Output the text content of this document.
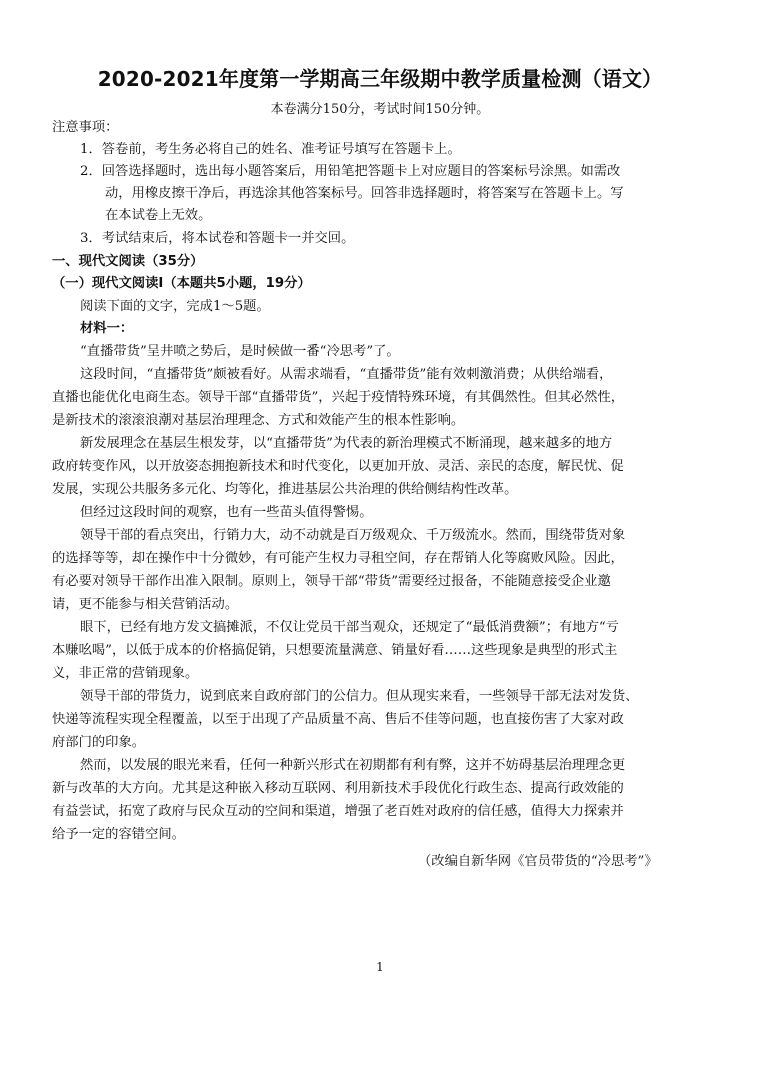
2020-2021年度第一学期高三年级期中教学质量检测（语文）
本卷满分150分，考试时间150分钟。
注意事项：
1．答卷前，考生务必将自己的姓名、准考证号填写在答题卡上。
2．回答选择题时，选出每小题答案后，用铅笔把答题卡上对应题目的答案标号涂黑。如需改
动，用橡皮擦干净后，再选涂其他答案标号。回答非选择题时，将答案写在答题卡上。写
在本试卷上无效。
3．考试结束后，将本试卷和答题卡一并交回。
一、现代文阅读（35分）
（一）现代文阅读Ⅰ（本题共5小题，19分）
阅读下面的文字，完成1～5题。
材料一：
“直播带货”呈井喷之势后，是时候做一番“冷思考”了。
这段时间，“直播带货”颇被看好。从需求端看，“直播带货”能有效刺激消费；从供给端看，
直播也能优化电商生态。领导干部“直播带货”，兴起于疫情特殊环境，有其偶然性。但其必然性，
是新技术的滚滚浪潮对基层治理理念、方式和效能产生的根本性影响。
新发展理念在基层生根发芽，以“直播带货”为代表的新治理模式不断涌现，越来越多的地方
政府转变作风，以开放姿态拥抱新技术和时代变化，以更加开放、灵活、亲民的态度，解民忧、促
发展，实现公共服务多元化、均等化，推进基层公共治理的供给侧结构性改革。
但经过这段时间的观察，也有一些苗头值得警惕。
领导干部的看点突出，行销力大，动不动就是百万级观众、千万级流水。然而，围绕带货对象
的选择等等，却在操作中十分微妙，有可能产生权力寻租空间，存在帮销人化等腐败风险。因此，
有必要对领导干部作出准入限制。原则上，领导干部“带货”需要经过报备，不能随意接受企业邀
请，更不能参与相关营销活动。
眼下，已经有地方发文搞摊派，不仅让党员干部当观众，还规定了“最低消费额”；有地方“亏
本赚吆喝”，以低于成本的价格搞促销，只想要流量满意、销量好看……这些现象是典型的形式主
义，非正常的营销现象。
领导干部的带货力，说到底来自政府部门的公信力。但从现实来看，一些领导干部无法对发货、
快递等流程实现全程覆盖，以至于出现了产品质量不高、售后不佳等问题，也直接伤害了大家对政
府部门的印象。
然而，以发展的眼光来看，任何一种新兴形式在初期都有利有弊，这并不妨碍基层治理理念更
新与改革的大方向。尤其是这种嵌入移动互联网、利用新技术手段优化行政生态、提高行政效能的
有益尝试，拓宽了政府与民众互动的空间和渠道，增强了老百姓对政府的信任感，值得大力探索并
给予一定的容错空间。
（改编自新华网《官员带货的“冷思考”》
1
